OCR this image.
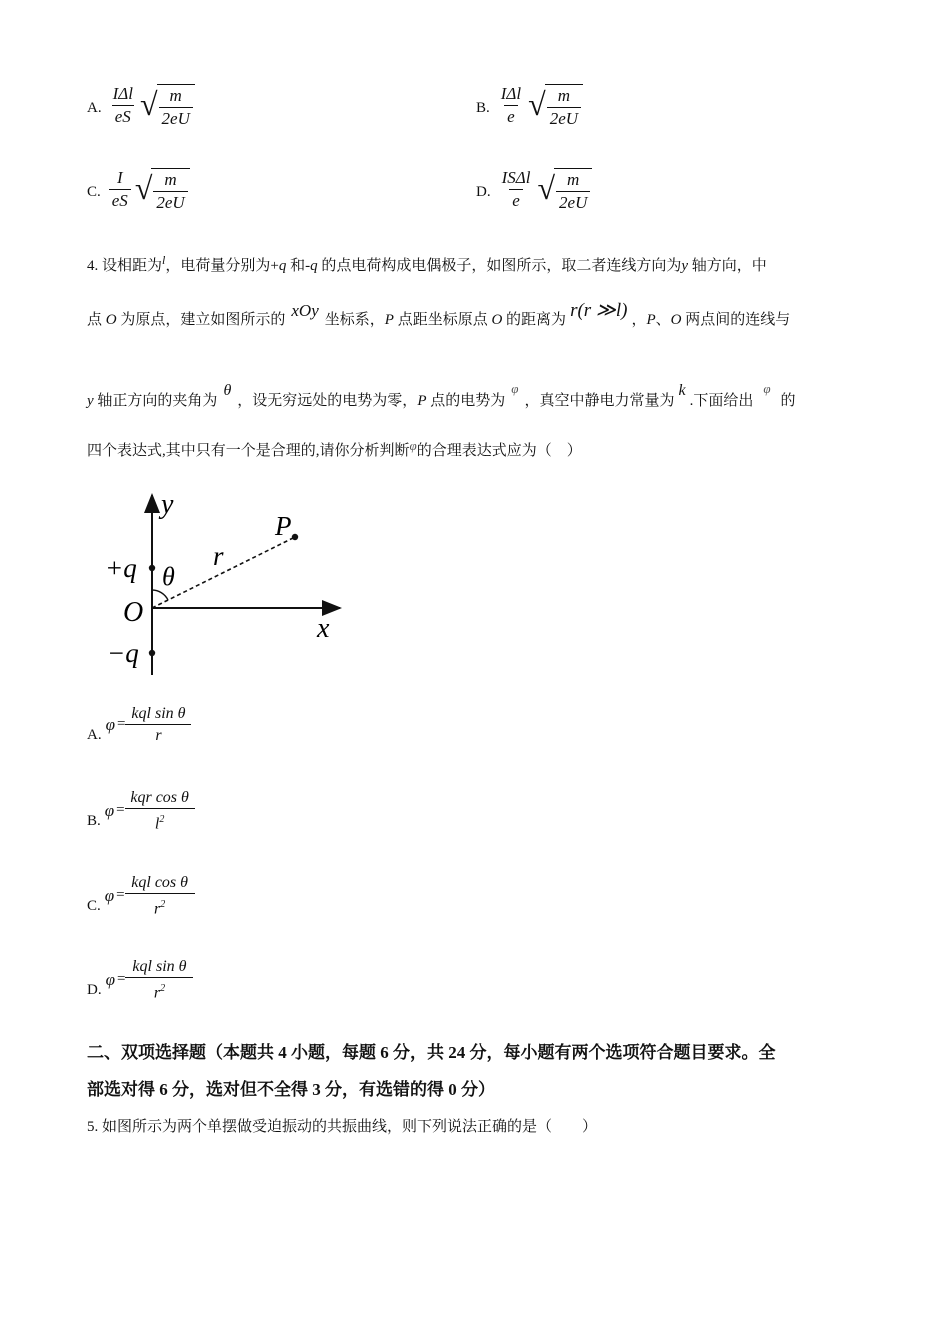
A. $\frac{\text{IΔl}}{eS}$ √ $\frac{m}{2eU}$	B. $\frac{\text{IΔl}}{e}$ √ $\frac{m}{2eU}$
C. $\frac{I}{eS}$ √ $\frac{m}{2eU}$	D. $\frac{\text{ISΔl}}{e}$ √ $\frac{m}{2eU}$
4. 设相距为$^l$，电荷量分别为+q 和-q 的点电荷构成电偶极子，如图所示，取二者连线方向为y 轴方向，中
点 O 为原点，建立如图所示的 xOy 坐标系，P 点距坐标原点 O 的距离为 r(r ≫l) ，P、O 两点间的连线与
y 轴正方向的夹角为θ，设无穷远处的电势为零，P 点的电势为φ，真空中静电力常量为k.下面给出φ的
四个表达式,其中只有一个是合理的,请你分析判断φ的合理表达式应为（　）
y
x
O
+q
−q
θ
r
P
A.
$\varphi = \frac{\text{kql sin θ}}{r}$
B.
$\varphi = \frac{\text{kqr cos θ}}{l^2}$
C.
$\varphi = \frac{\text{kql cos θ}}{r^2}$
D.
$\varphi = \frac{\text{kql sin θ}}{r^2}$
二、双项选择题（本题共 4 小题，每题 6 分，共 24 分，每小题有两个选项符合题目要求。全
部选对得 6 分，选对但不全得 3 分，有选错的得 0 分）
5. 如图所示为两个单摆做受迫振动的共振曲线，则下列说法正确的是（　　）
